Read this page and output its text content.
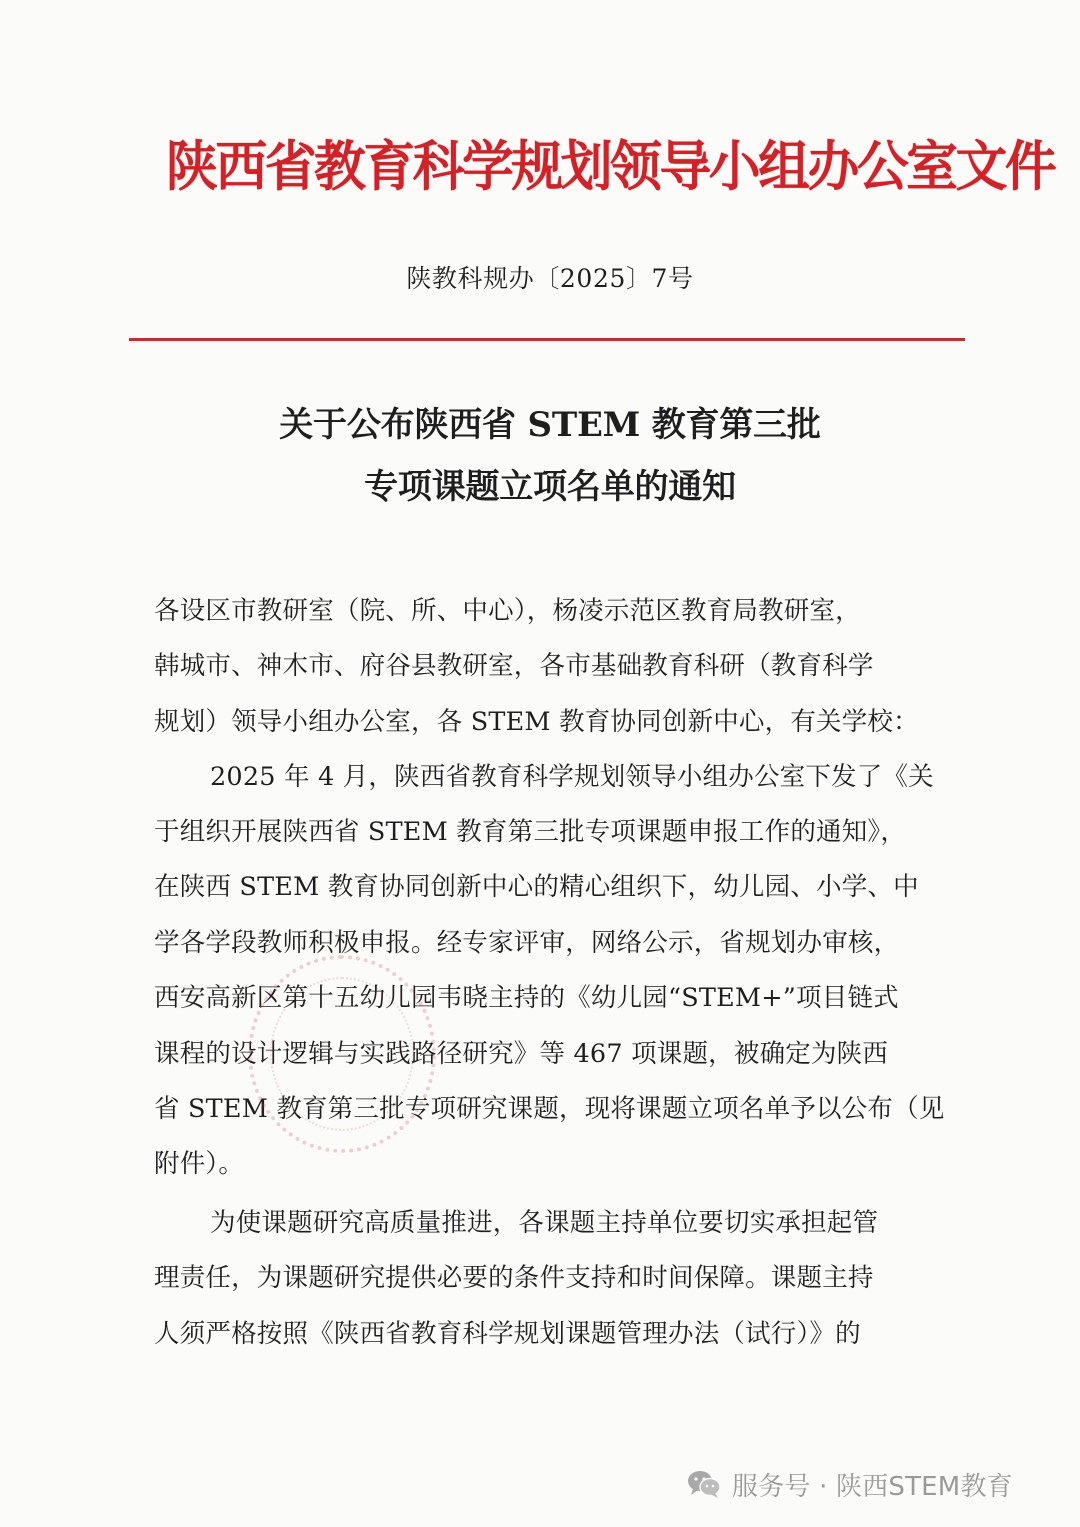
陕西省教育科学规划领导小组办公室文件
陕教科规办〔2025〕7号
关于公布陕西省 STEM 教育第三批
专项课题立项名单的通知
各设区市教研室（院、所、中心），杨凌示范区教育局教研室，
韩城市、神木市、府谷县教研室，各市基础教育科研（教育科学
规划）领导小组办公室，各 STEM 教育协同创新中心，有关学校：
2025 年 4 月，陕西省教育科学规划领导小组办公室下发了《关
于组织开展陕西省 STEM 教育第三批专项课题申报工作的通知》，
在陕西 STEM 教育协同创新中心的精心组织下，幼儿园、小学、中
学各学段教师积极申报。经专家评审，网络公示，省规划办审核，
西安高新区第十五幼儿园韦晓主持的《幼儿园“STEM+”项目链式
课程的设计逻辑与实践路径研究》等 467 项课题，被确定为陕西
省 STEM 教育第三批专项研究课题，现将课题立项名单予以公布（见
附件）。
为使课题研究高质量推进，各课题主持单位要切实承担起管
理责任，为课题研究提供必要的条件支持和时间保障。课题主持
人须严格按照《陕西省教育科学规划课题管理办法（试行）》的
服务号 · 陕西STEM教育
